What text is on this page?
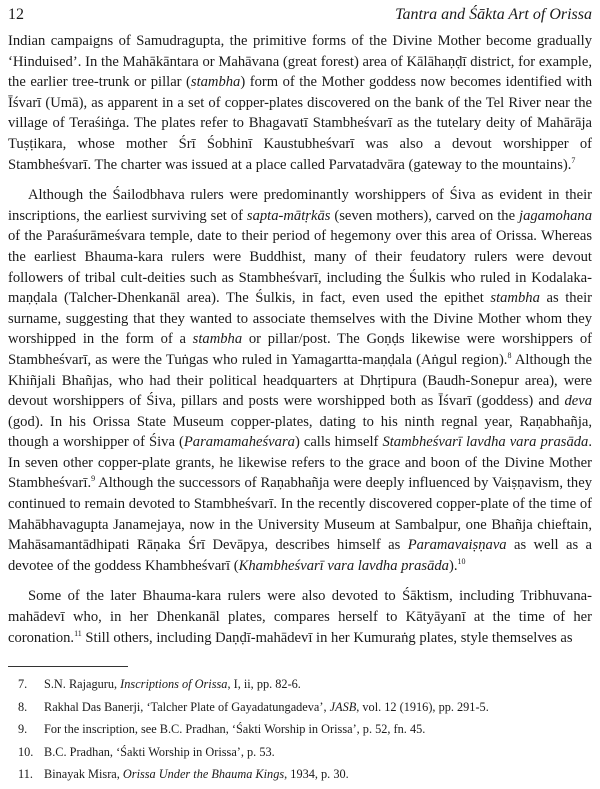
12	Tantra and Śākta Art of Orissa

Indian campaigns of Samudragupta, the primitive forms of the Divine Mother become gradually ‘Hinduised’. In the Mahākāntara or Mahāvana (great forest) area of Kālāhaṇḍī district, for example, the earlier tree-trunk or pillar (stambha) form of the Mother goddess now becomes identified with Īśvarī (Umā), as apparent in a set of copper-plates discovered on the bank of the Tel River near the village of Teraśiṅga. The plates refer to Bhagavatī Stambheśvarī as the tutelary deity of Mahārāja Tuṣṭikara, whose mother Śrī Śobhinī Kaustubheśvarī was also a devout worshipper of Stambheśvarī. The charter was issued at a place called Parvatadvāra (gateway to the mountains).$^7$

Although the Śailodbhava rulers were predominantly worshippers of Śiva as evident in their inscriptions, the earliest surviving set of sapta-mātṛkās (seven mothers), carved on the jagamohana of the Paraśurāmeśvara temple, date to their period of hegemony over this area of Orissa. Whereas the earliest Bhauma-kara rulers were Buddhist, many of their feudatory rulers were devout followers of tribal cult-deities such as Stambheśvarī, including the Śulkis who ruled in Kodalaka-maṇḍala (Talcher-Dhenkanāl area). The Śulkis, in fact, even used the epithet stambha as their surname, suggesting that they wanted to associate themselves with the Divine Mother whom they worshipped in the form of a stambha or pillar/post. The Goṇḍs likewise were worshippers of Stambheśvarī, as were the Tuṅgas who ruled in Yamagartta-maṇḍala (Aṅgul region).$^8$ Although the Khiñjali Bhañjas, who had their political headquarters at Dhṛtipura (Baudh-Sonepur area), were devout worshippers of Śiva, pillars and posts were worshipped both as Īśvarī (goddess) and deva (god). In his Orissa State Museum copper-plates, dating to his ninth regnal year, Raṇabhañja, though a worshipper of Śiva (Paramamaheśvara) calls himself Stambheśvarī lavdha vara prasāda. In seven other copper-plate grants, he likewise refers to the grace and boon of the Divine Mother Stambheśvarī.$^9$ Although the successors of Raṇabhañja were deeply influenced by Vaiṣṇavism, they continued to remain devoted to Stambheśvarī. In the recently discovered copper-plate of the time of Mahābhavagupta Janamejaya, now in the University Museum at Sambalpur, one Bhañja chieftain, Mahāsamantādhipati Rāṇaka Śrī Devāpya, describes himself as Paramavaiṣṇava as well as a devotee of the goddess Khambheśvarī (Khambheśvarī vara lavdha prasāda).$^{10}$

Some of the later Bhauma-kara rulers were also devoted to Śāktism, including Tribhuvana-mahādevī who, in her Dhenkanāl plates, compares herself to Kātyāyanī at the time of her coronation.$^{11}$ Still others, including Daṇḍī-mahādevī in her Kumuraṅg plates, style themselves as

7.	S.N. Rajaguru, Inscriptions of Orissa, I, ii, pp. 82-6.
8.	Rakhal Das Banerji, ‘Talcher Plate of Gayadatungadeva’, JASB, vol. 12 (1916), pp. 291-5.
9.	For the inscription, see B.C. Pradhan, ‘Śakti Worship in Orissa’, p. 52, fn. 45.
10. B.C. Pradhan, ‘Śakti Worship in Orissa’, p. 53.
11. Binayak Misra, Orissa Under the Bhauma Kings, 1934, p. 30.
